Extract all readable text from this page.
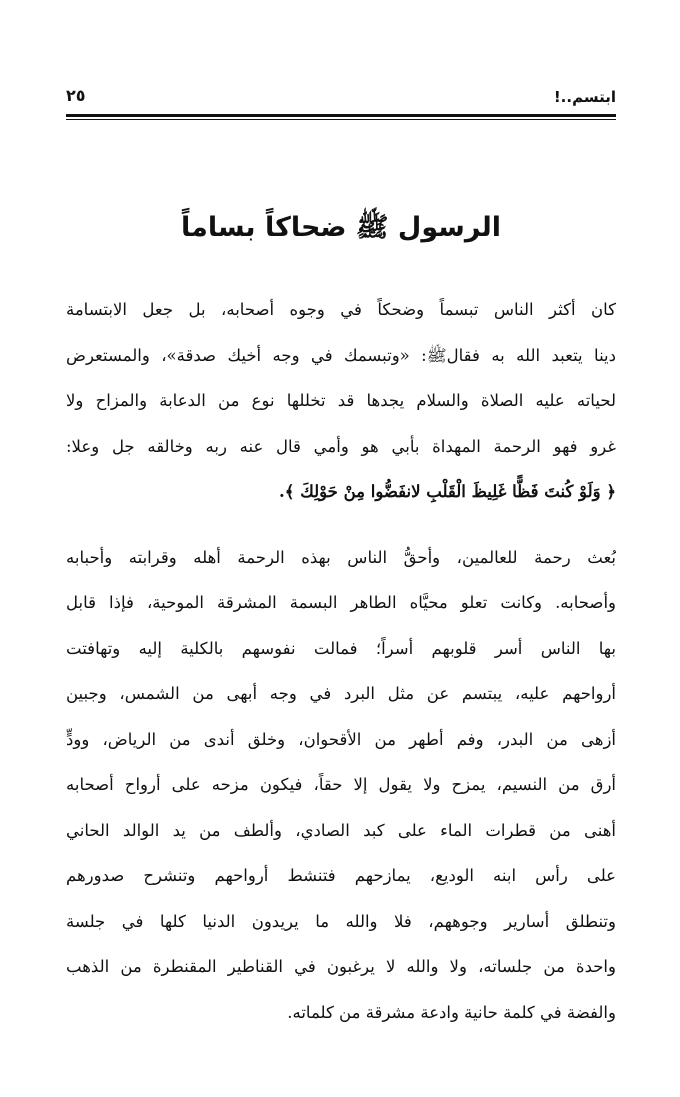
ابتسم..!
٢٥
الرسول ﷺ ضحاكاً بساماً

كان أكثر الناس تبسماً وضحكاً في وجوه أصحابه، بل جعل الابتسامة
دينا يتعبد الله به فقالﷺ: «وتبسمك في وجه أخيك صدقة»، والمستعرض
لحياته عليه الصلاة والسلام يجدها قد تخللها نوع من الدعابة والمزاح ولا
غرو فهو الرحمة المهداة بأبي هو وأمي قال عنه ربه وخالقه جل وعلا:
﴿ وَلَوْ كُنتَ فَظًّا غَلِيظَ الْقَلْبِ لانفَضُّوا مِنْ حَوْلِكَ ﴾.

بُعث رحمة للعالمين، وأحقُّ الناس بهذه الرحمة أهله وقرابته وأحبابه
وأصحابه. وكانت تعلو محيَّاه الطاهر البسمة المشرقة الموحية، فإذا قابل
بها الناس أسر قلوبهم أسراً؛ فمالت نفوسهم بالكلية إليه وتهافتت
أرواحهم عليه، يبتسم عن مثل البرد في وجه أبهى من الشمس، وجبين
أزهى من البدر، وفم أطهر من الأقحوان، وخلق أندى من الرياض، وودٍّ
أرق من النسيم، يمزح ولا يقول إلا حقاً، فيكون مزحه على أرواح أصحابه
أهنى من قطرات الماء على كبد الصادي، وألطف من يد الوالد الحاني
على رأس ابنه الوديع، يمازحهم فتنشط أرواحهم وتنشرح صدورهم
وتنطلق أسارير وجوههم، فلا والله ما يريدون الدنيا كلها في جلسة
واحدة من جلساته، ولا والله لا يرغبون في القناطير المقنطرة من الذهب
والفضة في كلمة حانية وادعة مشرقة من كلماته.
